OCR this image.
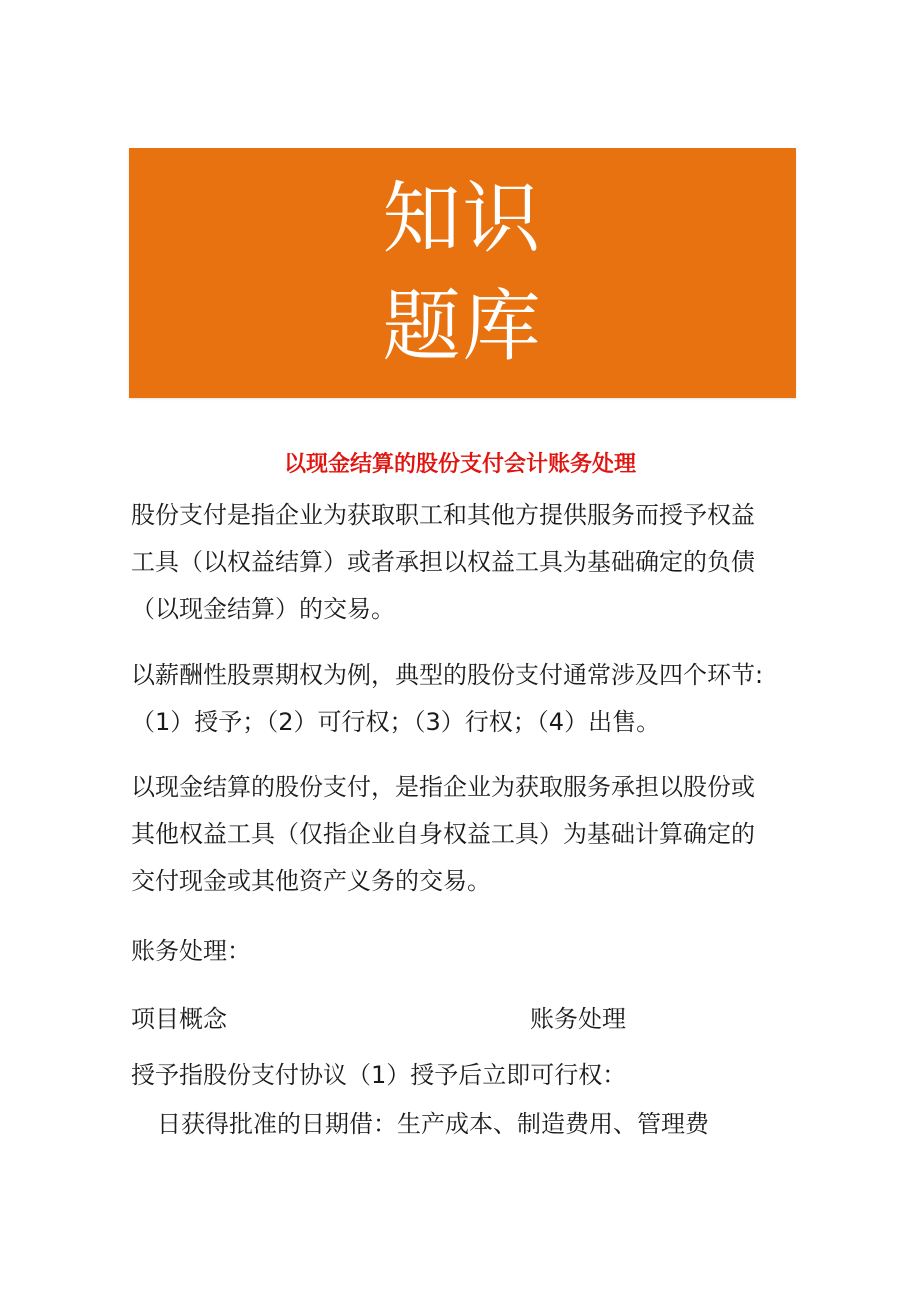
知识
题库
以现金结算的股份支付会计账务处理
股份支付是指企业为获取职工和其他方提供服务而授予权益
工具（以权益结算）或者承担以权益工具为基础确定的负债
（以现金结算）的交易。
以薪酬性股票期权为例，典型的股份支付通常涉及四个环节:
（1）授予；（2）可行权；（3）行权；（4）出售。
以现金结算的股份支付，是指企业为获取服务承担以股份或
其他权益工具（仅指企业自身权益工具）为基础计算确定的
交付现金或其他资产义务的交易。
账务处理：
项目概念	账务处理
授予指股份支付协议（1）授予后立即可行权：
日获得批准的日期借：生产成本、制造费用、管理费
